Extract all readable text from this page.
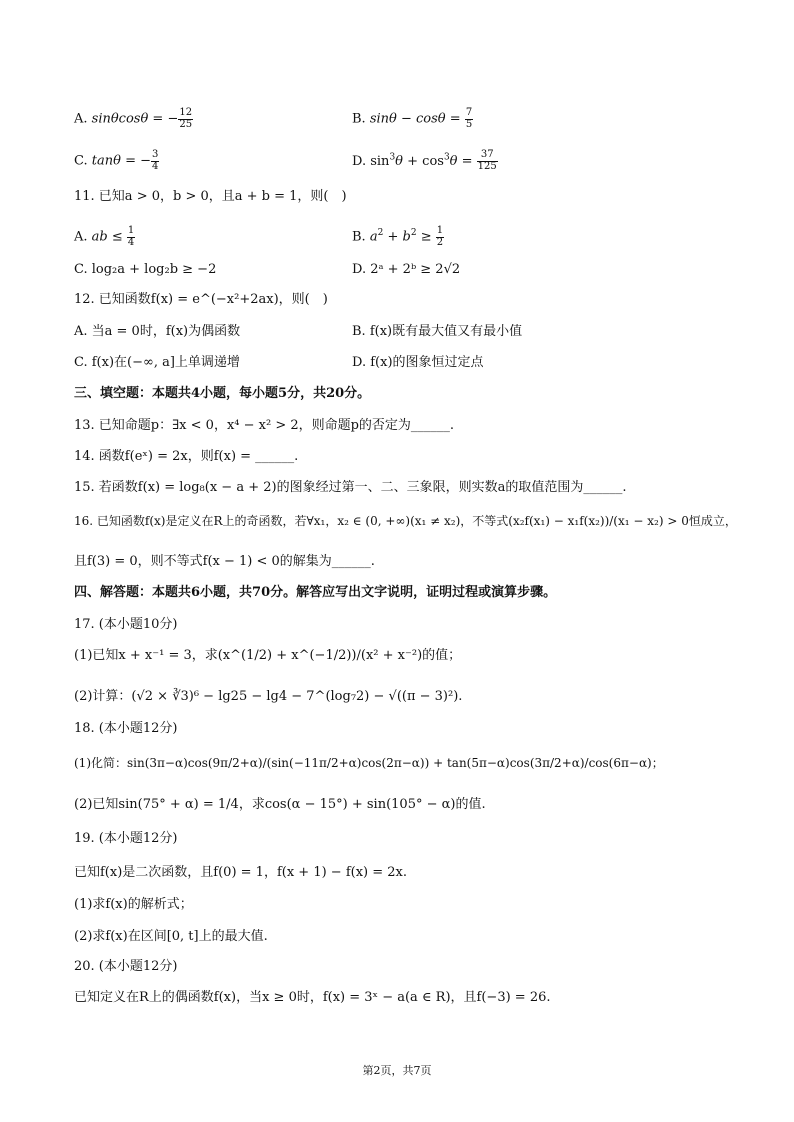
A. sinθcosθ = − $\frac{12}{25}$	B. $\sin\theta - \cos\theta = \frac{7}{5}$
C. tanθ = − $\frac{3}{4}$	D. $\sin^3\theta + \cos^3\theta = \frac{37}{125}$
11. 已知a > 0，b > 0，且a + b = 1，则(　)
A. ab ≤ $\frac{1}{4}$	B. $a^2 + b^2 \ge \frac{1}{2}$
C. log₂a + log₂b ≥ −2	D. 2ᵃ + 2ᵇ ≥ 2√2
12. 已知函数f(x) = e^(−x²+2ax)，则(　)
A. 当a = 0时，f(x)为偶函数	B. f(x)既有最大值又有最小值
C. f(x)在(−∞, a]上单调递增	D. f(x)的图象恒过定点
三、填空题：本题共4小题，每小题5分，共20分。
13. 已知命题p：∃x < 0，x⁴ − x² > 2，则命题p的否定为______.
14. 函数f(eˣ) = 2x，则f(x) = ______.
15. 若函数f(x) = log₈(x − a + 2)的图象经过第一、二、三象限，则实数a的取值范围为______.
16. 已知函数f(x)是定义在R上的奇函数，若∀x₁，x₂ ∈ (0, +∞)(x₁ ≠ x₂)，不等式(x₂f(x₁) − x₁f(x₂))/(x₁ − x₂) > 0恒成立，
且f(3) = 0，则不等式f(x − 1) < 0的解集为______.
四、解答题：本题共6小题，共70分。解答应写出文字说明，证明过程或演算步骤。
17. (本小题10分)
(1)已知x + x⁻¹ = 3，求(x^(1/2) + x^(−1/2))/(x² + x⁻²)的值；
(2)计算：(√2 × ∛3)⁶ − lg25 − lg4 − 7^(log₇2) − √((π − 3)²).
18. (本小题12分)
(1)化简：sin(3π−α)cos(9π/2+α)/(sin(−11π/2+α)cos(2π−α)) + tan(5π−α)cos(3π/2+α)/cos(6π−α)；
(2)已知sin(75° + α) = 1/4，求cos(α − 15°) + sin(105° − α)的值.
19. (本小题12分)
已知f(x)是二次函数，且f(0) = 1，f(x + 1) − f(x) = 2x.
(1)求f(x)的解析式；
(2)求f(x)在区间[0, t]上的最大值.
20. (本小题12分)
已知定义在R上的偶函数f(x)，当x ≥ 0时，f(x) = 3ˣ − a(a ∈ R)，且f(−3) = 26.
第2页，共7页
